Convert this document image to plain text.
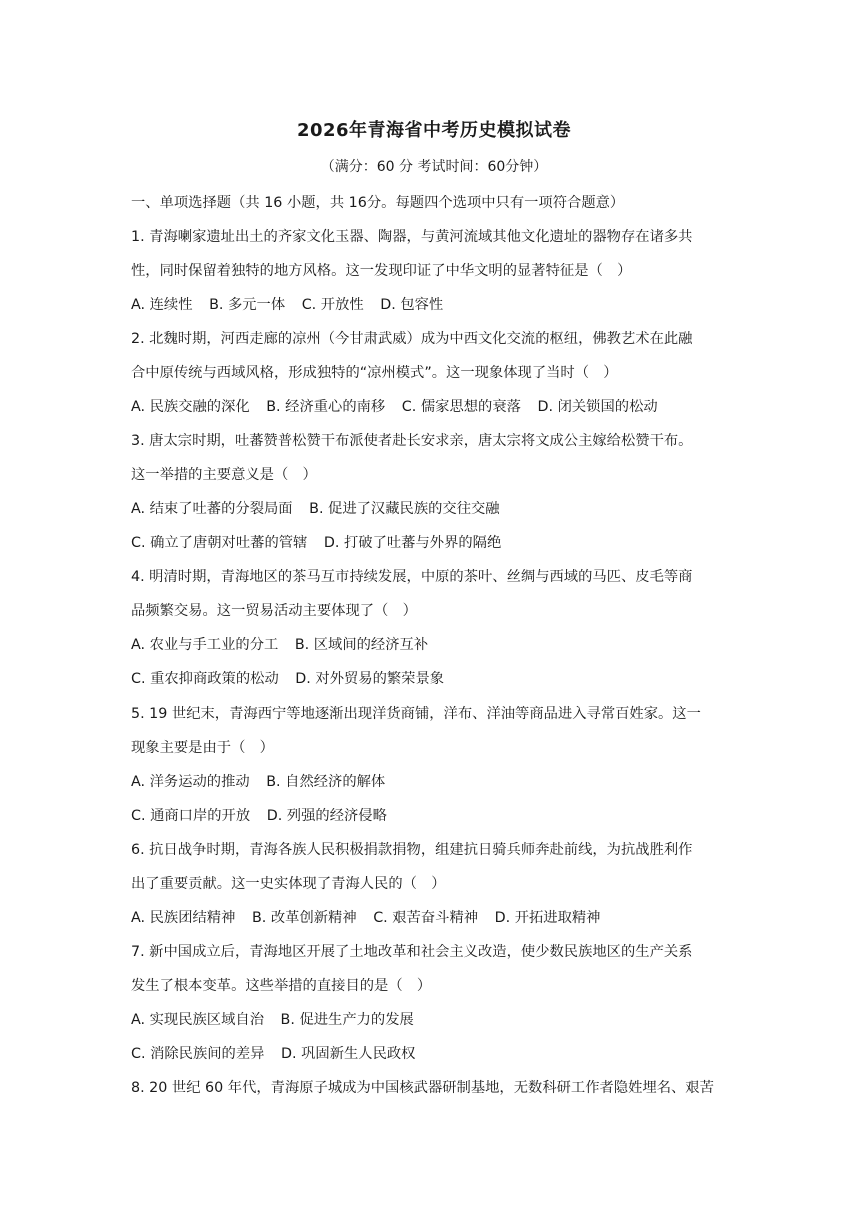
2026年青海省中考历史模拟试卷
（满分：60 分 考试时间：60分钟）
一、单项选择题（共 16 小题，共 16分。每题四个选项中只有一项符合题意）
1. 青海喇家遗址出土的齐家文化玉器、陶器，与黄河流域其他文化遗址的器物存在诸多共
性，同时保留着独特的地方风格。这一发现印证了中华文明的显著特征是（　）
A. 连续性 B. 多元一体 C. 开放性 D. 包容性
2. 北魏时期，河西走廊的凉州（今甘肃武威）成为中西文化交流的枢纽，佛教艺术在此融
合中原传统与西域风格，形成独特的“凉州模式”。这一现象体现了当时（　）
A. 民族交融的深化 B. 经济重心的南移 C. 儒家思想的衰落 D. 闭关锁国的松动
3. 唐太宗时期，吐蕃赞普松赞干布派使者赴长安求亲，唐太宗将文成公主嫁给松赞干布。
这一举措的主要意义是（　）
A. 结束了吐蕃的分裂局面 B. 促进了汉藏民族的交往交融
C. 确立了唐朝对吐蕃的管辖 D. 打破了吐蕃与外界的隔绝
4. 明清时期，青海地区的茶马互市持续发展，中原的茶叶、丝绸与西域的马匹、皮毛等商
品频繁交易。这一贸易活动主要体现了（　）
A. 农业与手工业的分工 B. 区域间的经济互补
C. 重农抑商政策的松动 D. 对外贸易的繁荣景象
5. 19 世纪末，青海西宁等地逐渐出现洋货商铺，洋布、洋油等商品进入寻常百姓家。这一
现象主要是由于（　）
A. 洋务运动的推动 B. 自然经济的解体
C. 通商口岸的开放 D. 列强的经济侵略
6. 抗日战争时期，青海各族人民积极捐款捐物，组建抗日骑兵师奔赴前线，为抗战胜利作
出了重要贡献。这一史实体现了青海人民的（　）
A. 民族团结精神 B. 改革创新精神 C. 艰苦奋斗精神 D. 开拓进取精神
7. 新中国成立后，青海地区开展了土地改革和社会主义改造，使少数民族地区的生产关系
发生了根本变革。这些举措的直接目的是（　）
A. 实现民族区域自治 B. 促进生产力的发展
C. 消除民族间的差异 D. 巩固新生人民政权
8. 20 世纪 60 年代，青海原子城成为中国核武器研制基地，无数科研工作者隐姓埋名、艰苦
